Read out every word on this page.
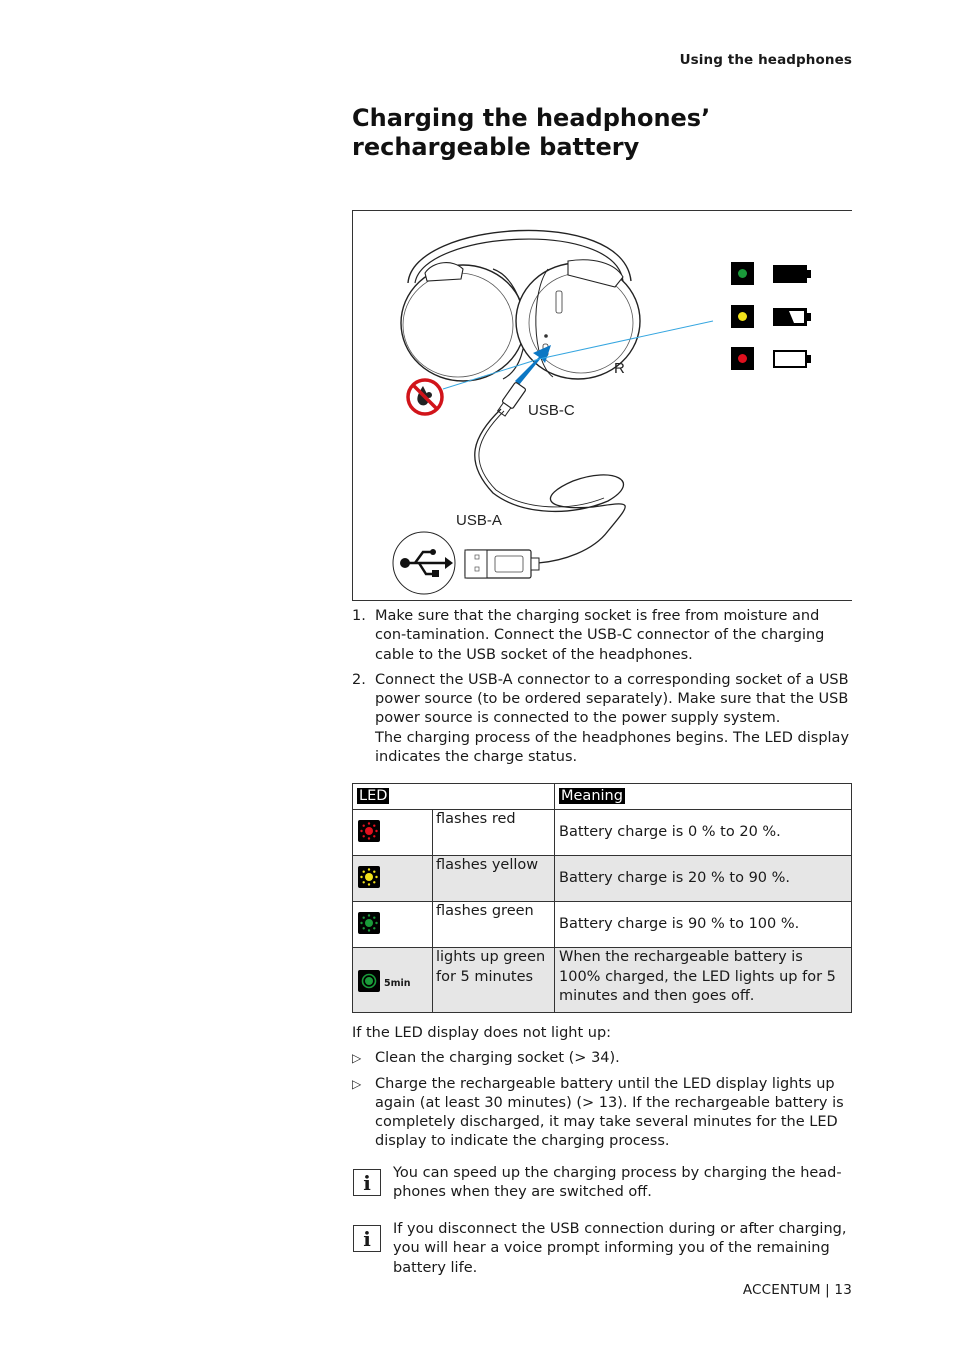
Using the headphones
Charging the headphones’ rechargeable battery
R
USB-C
USB-A
1. Make sure that the charging socket is free from moisture and con-tamination. Connect the USB-C connector of the charging cable to the USB socket of the headphones.
2. Connect the USB-A connector to a corresponding socket of a USB power source (to be ordered separately). Make sure that the USB power source is connected to the power supply system.
The charging process of the headphones begins. The LED display indicates the charge status.
LED		Meaning

	flashes red	Battery charge is 0 % to 20 %.

	flashes yellow	Battery charge is 20 % to 90 %.

	flashes green	Battery charge is 90 % to 100 %.

5min	lights up green for 5 minutes	When the rechargeable battery is 100% charged, the LED lights up for 5 minutes and then goes off.
If the LED display does not light up:
▷ Clean the charging socket (> 34).
▷ Charge the rechargeable battery until the LED display lights up again (at least 30 minutes) (> 13). If the rechargeable battery is completely discharged, it may take several minutes for the LED display to indicate the charging process.
i	You can speed up the charging process by charging the head-phones when they are switched off.
i	If you disconnect the USB connection during or after charging, you will hear a voice prompt informing you of the remaining battery life.
ACCENTUM | 13
